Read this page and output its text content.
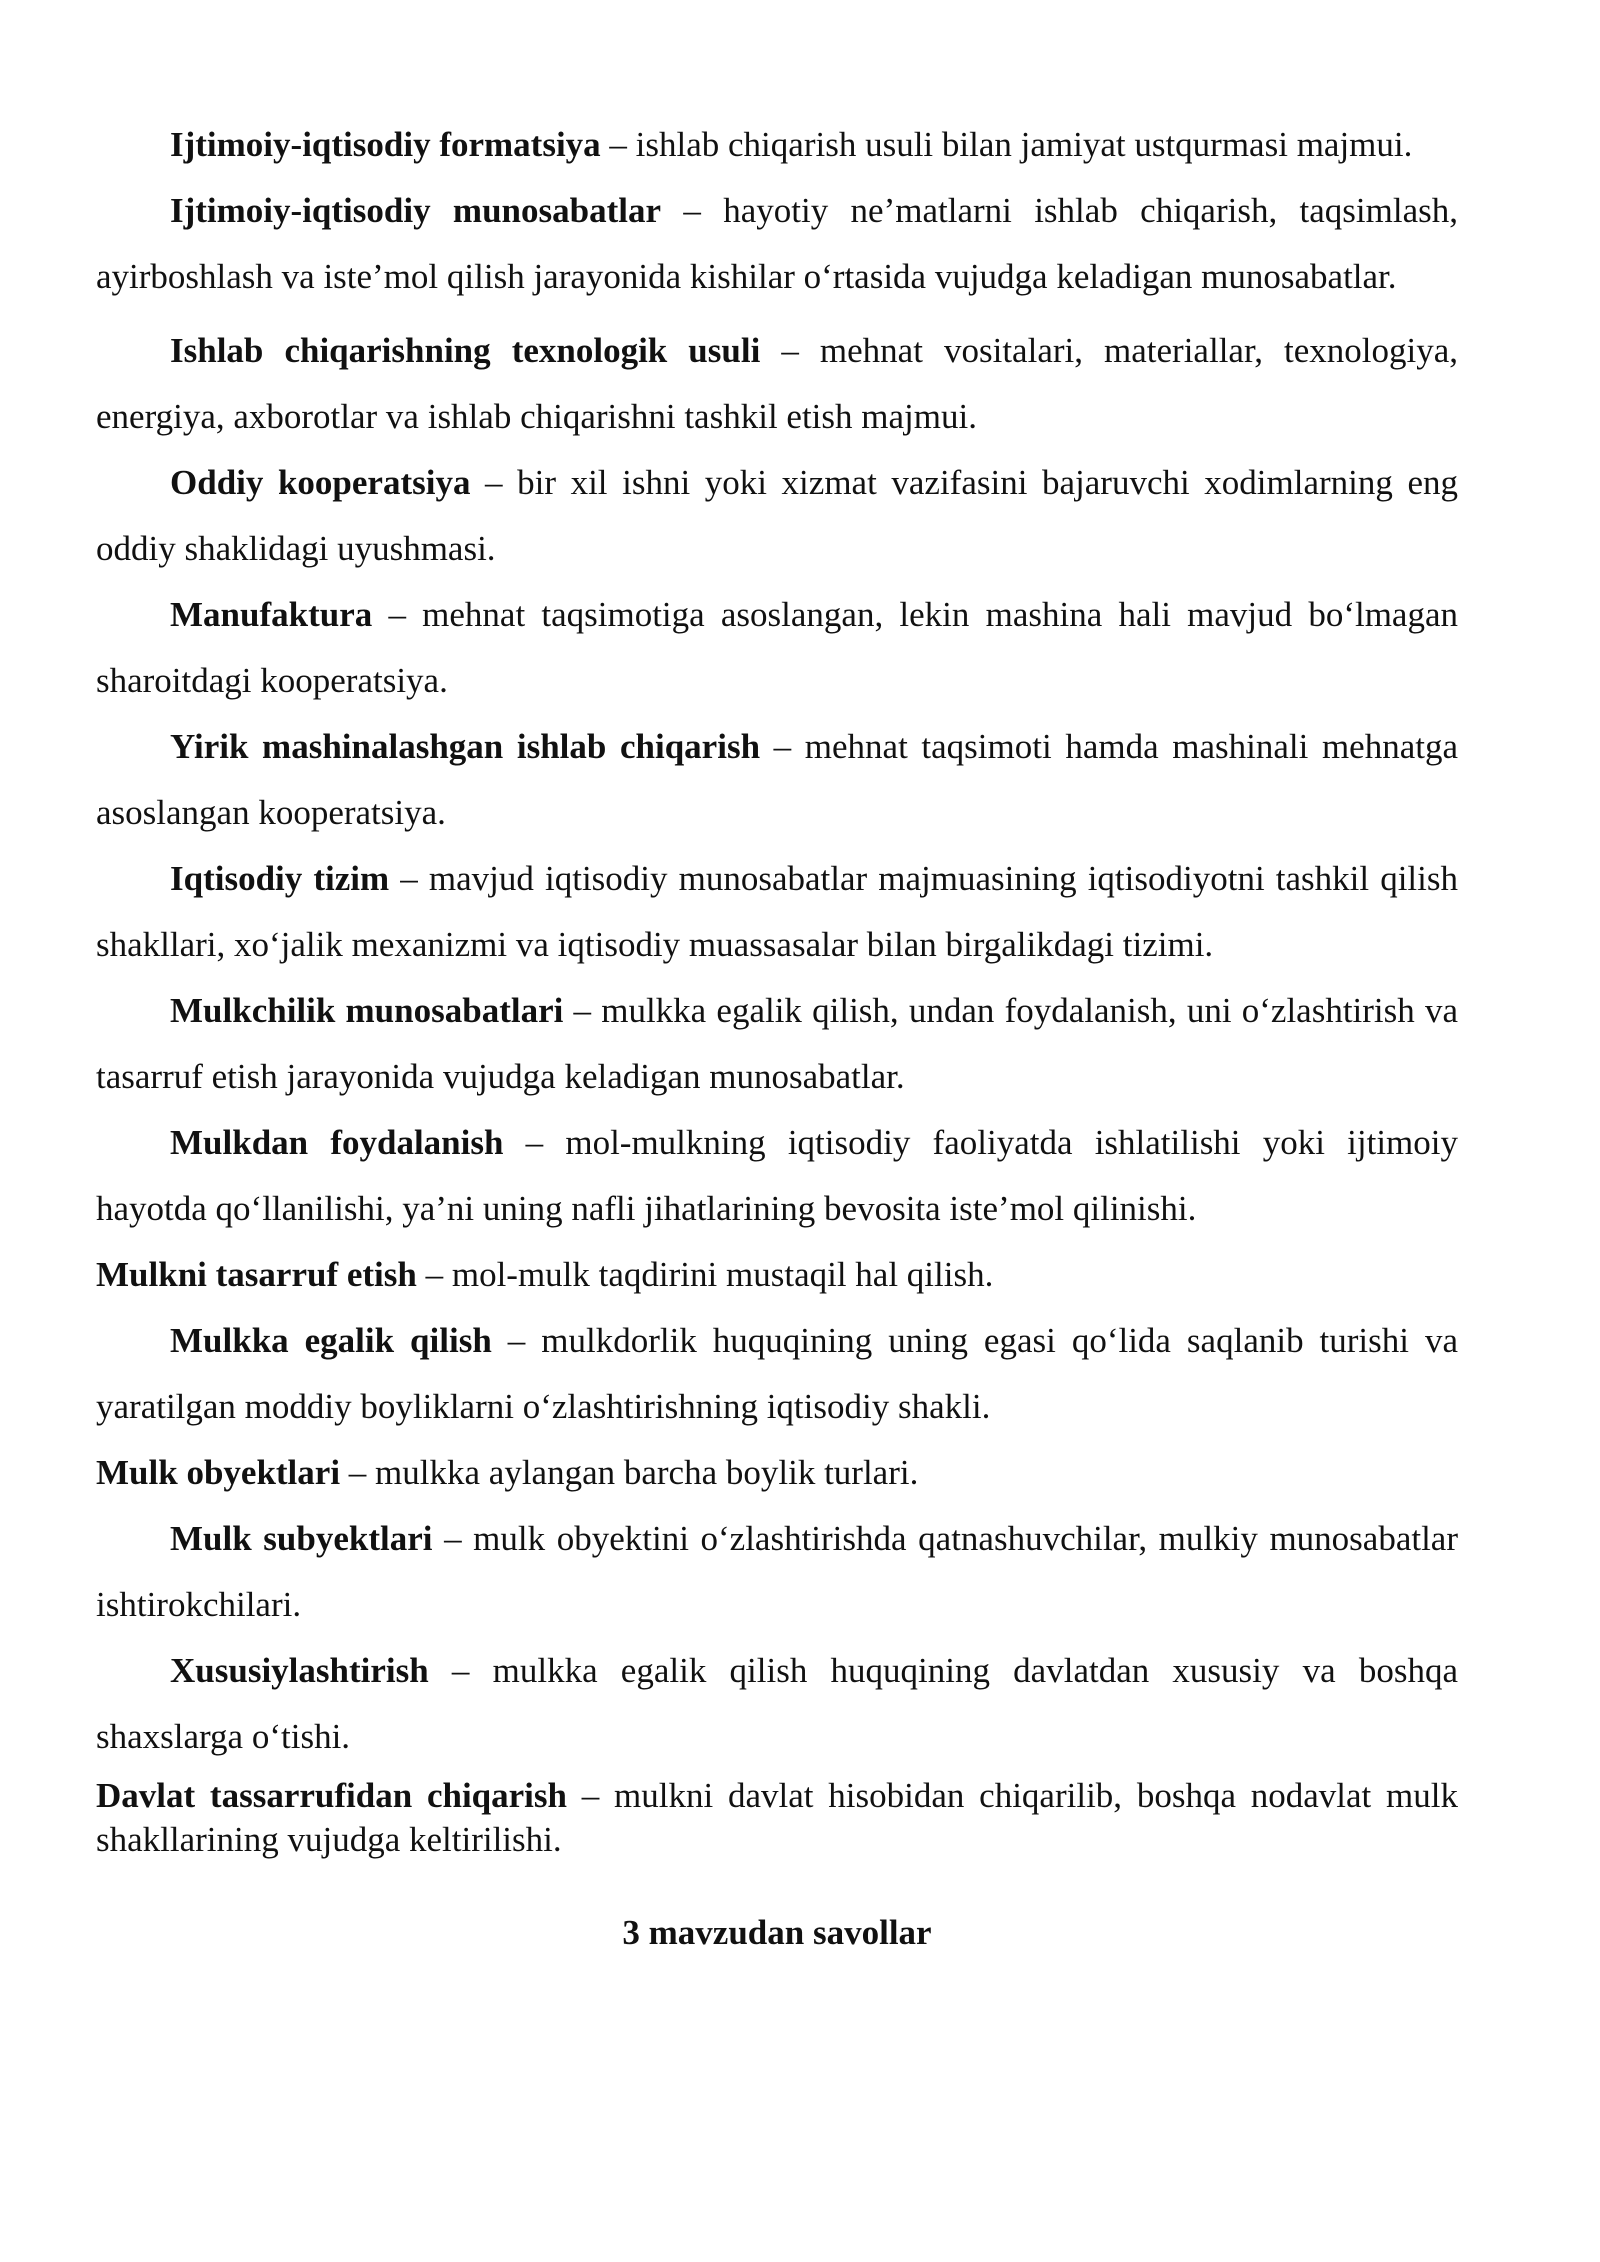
Ijtimoiy-iqtisodiy formatsiya – ishlab chiqarish usuli bilan jamiyat ustqurmasi majmui.

Ijtimoiy-iqtisodiy munosabatlar – hayotiy ne’matlarni ishlab chiqarish, taqsimlash, ayirboshlash va iste’mol qilish jarayonida kishilar o‘rtasida vujudga keladigan munosabatlar.

Ishlab chiqarishning texnologik usuli – mehnat vositalari, materiallar, texnologiya, energiya, axborotlar va ishlab chiqarishni tashkil etish majmui.

Oddiy kooperatsiya – bir xil ishni yoki xizmat vazifasini bajaruvchi xodimlarning eng oddiy shaklidagi uyushmasi.

Manufaktura – mehnat taqsimotiga asoslangan, lekin mashina hali mavjud bo‘lmagan sharoitdagi kooperatsiya.

Yirik mashinalashgan ishlab chiqarish – mehnat taqsimoti hamda mashinali mehnatga asoslangan kooperatsiya.

Iqtisodiy tizim – mavjud iqtisodiy munosabatlar majmuasining iqtisodiyotni tashkil qilish shakllari, xo‘jalik mexanizmi va iqtisodiy muassasalar bilan birgalikdagi tizimi.

Mulkchilik munosabatlari – mulkka egalik qilish, undan foydalanish, uni o‘zlashtirish va tasarruf etish jarayonida vujudga keladigan munosabatlar.

Mulkdan foydalanish – mol-mulkning iqtisodiy faoliyatda ishlatilishi yoki ijtimoiy hayotda qo‘llanilishi, ya’ni uning nafli jihatlarining bevosita iste’mol qilinishi.

Mulkni tasarruf etish – mol-mulk taqdirini mustaqil hal qilish.

Mulkka egalik qilish – mulkdorlik huquqining uning egasi qo‘lida saqlanib turishi va yaratilgan moddiy boyliklarni o‘zlashtirishning iqtisodiy shakli.

Mulk obyektlari – mulkka aylangan barcha boylik turlari.

Mulk subyektlari – mulk obyektini o‘zlashtirishda qatnashuvchilar, mulkiy munosabatlar ishtirokchilari.

Xususiylashtirish – mulkka egalik qilish huquqining davlatdan xususiy va boshqa shaxslarga o‘tishi.

Davlat tassarrufidan chiqarish – mulkni davlat hisobidan chiqarilib, boshqa nodavlat mulk shakllarining vujudga keltirilishi.

3 mavzudan savollar
